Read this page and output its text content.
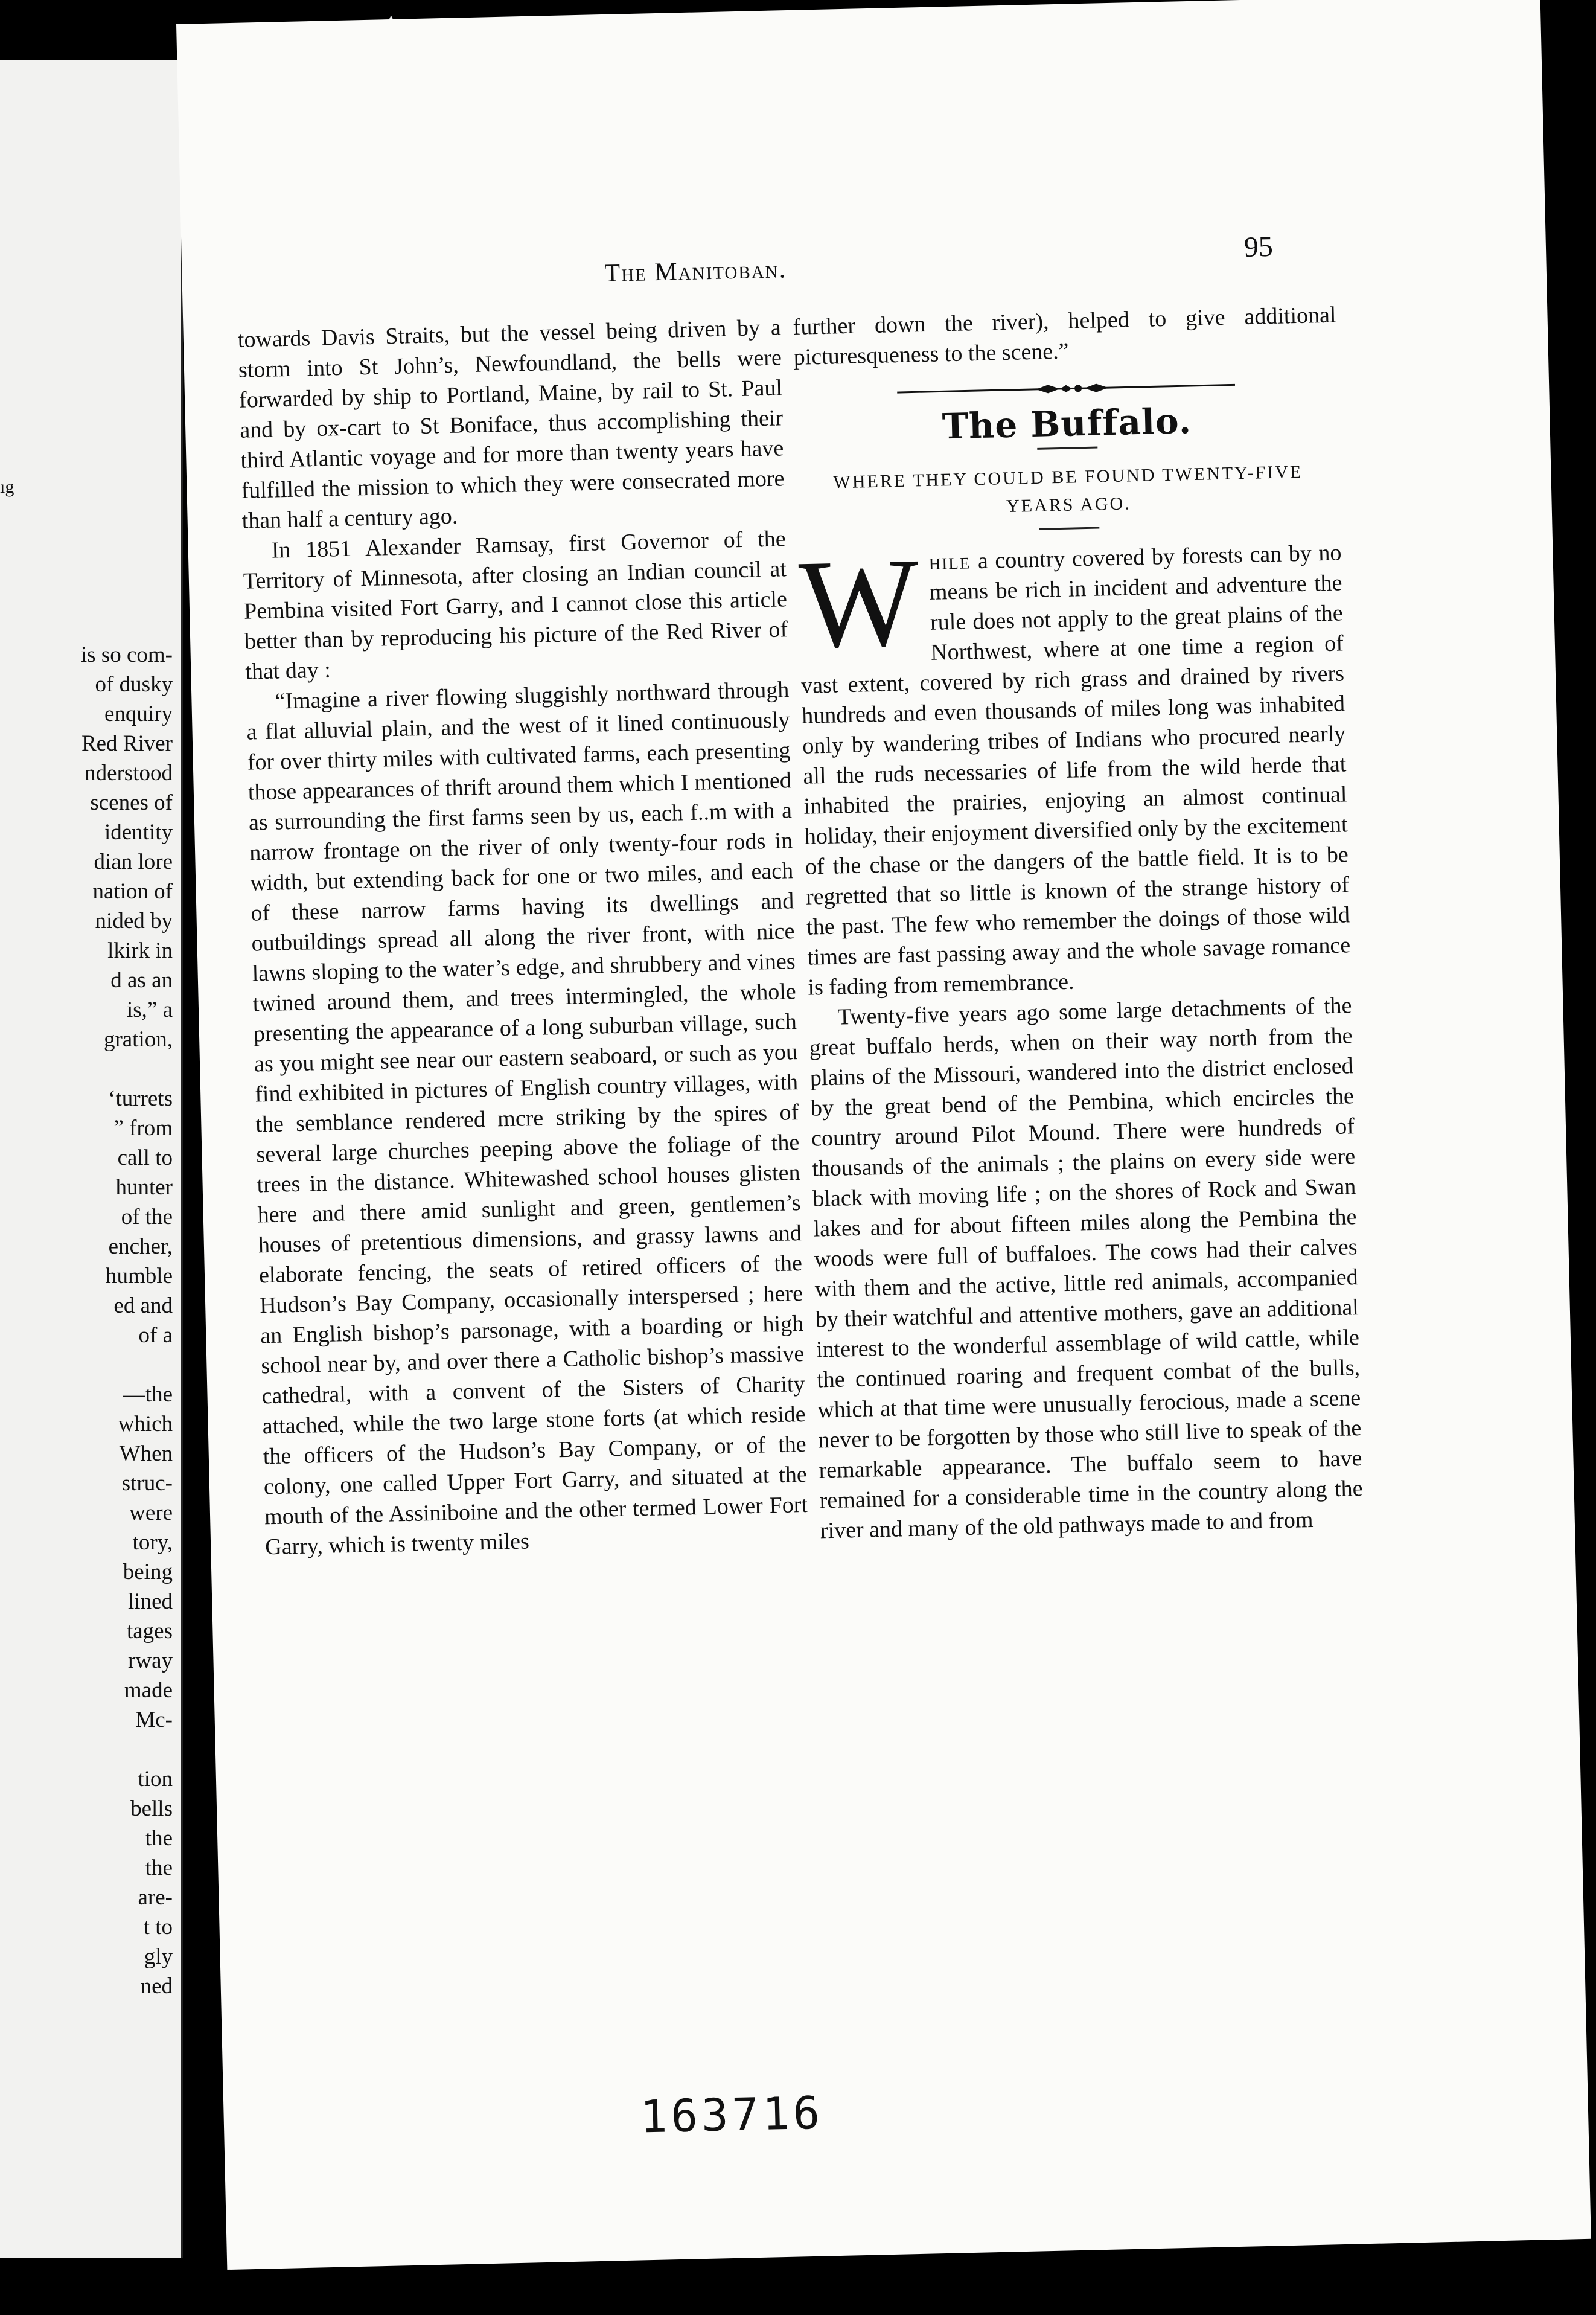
ıg
is so com-
of dusky
enquiry
Red River
nderstood
scenes of
identity
dian lore
nation of
nided by
lkirk in
d as an
is,” a
gration,
‘turrets
” from
call to
hunter
of the
encher,
humble
ed and
of a
—the
which
When
struc-
were
tory,
being
lined
tages
rway
made
Mc-
tion
bells
the
the
are-
t to
gly
ned
The Manitoban.
95

towards Davis Straits, but the vessel being driven by a storm into St John’s, Newfoundland, the bells were forwarded by ship to Portland, Maine, by rail to St. Paul and by ox-cart to St Boniface, thus accomplishing their third Atlantic voyage and for more than twenty years have fulfilled the mission to which they were consecrated more than half a century ago.

In 1851 Alexander Ramsay, first Governor of the Territory of Minnesota, after closing an Indian council at Pembina visited Fort Garry, and I cannot close this article better than by reproducing his picture of the Red River of that day :

“Imagine a river flowing sluggishly northward through a flat alluvial plain, and the west of it lined continuously for over thirty miles with cultivated farms, each presenting those appearances of thrift around them which I mentioned as surrounding the first farms seen by us, each f..m with a narrow frontage on the river of only twenty-four rods in width, but extending back for one or two miles, and each of these narrow farms having its dwellings and outbuildings spread all along the river front, with nice lawns sloping to the water’s edge, and shrubbery and vines twined around them, and trees intermingled, the whole presenting the appearance of a long suburban village, such as you might see near our eastern seaboard, or such as you find exhibited in pictures of English country villages, with the semblance rendered mcre striking by the spires of several large churches peeping above the foliage of the trees in the distance. Whitewashed school houses glisten here and there amid sunlight and green, gentlemen’s houses of pretentious dimensions, and grassy lawns and elaborate fencing, the seats of retired officers of the Hudson’s Bay Company, occasionally interspersed ; here an English bishop’s parsonage, with a boarding or high school near by, and over there a Catholic bishop’s massive cathedral, with a convent of the Sisters of Charity attached, while the two large stone forts (at which reside the officers of the Hudson’s Bay Company, or of the colony, one called Upper Fort Garry, and situated at the mouth of the Assiniboine and the other termed Lower Fort Garry, which is twenty miles

further down the river), helped to give additional picturesqueness to the scene.”

The Buffalo.
WHERE THEY COULD BE FOUND TWENTY-FIVE YEARS AGO.

While a country covered by forests can by no means be rich in incident and adventure the rule does not apply to the great plains of the Northwest, where at one time a region of vast extent, covered by rich grass and drained by rivers hundreds and even thousands of miles long was inhabited only by wandering tribes of Indians who procured nearly all the ruds necessaries of life from the wild herde that inhabited the prairies, enjoying an almost continual holiday, their enjoyment diversified only by the excitement of the chase or the dangers of the battle field. It is to be regretted that so little is known of the strange history of the past. The few who remember the doings of those wild times are fast passing away and the whole savage romance is fading from remembrance.

Twenty-five years ago some large detachments of the great buffalo herds, when on their way north from the plains of the Missouri, wandered into the district enclosed by the great bend of the Pembina, which encircles the country around Pilot Mound. There were hundreds of thousands of the animals ; the plains on every side were black with moving life ; on the shores of Rock and Swan lakes and for about fifteen miles along the Pembina the woods were full of buffaloes. The cows had their calves with them and the active, little red animals, accompanied by their watchful and attentive mothers, gave an additional interest to the wonderful assemblage of wild cattle, while the continued roaring and frequent combat of the bulls, which at that time were unusually ferocious, made a scene never to be forgotten by those who still live to speak of the remarkable appearance. The buffalo seem to have remained for a considerable time in the country along the river and many of the old pathways made to and from

163716
